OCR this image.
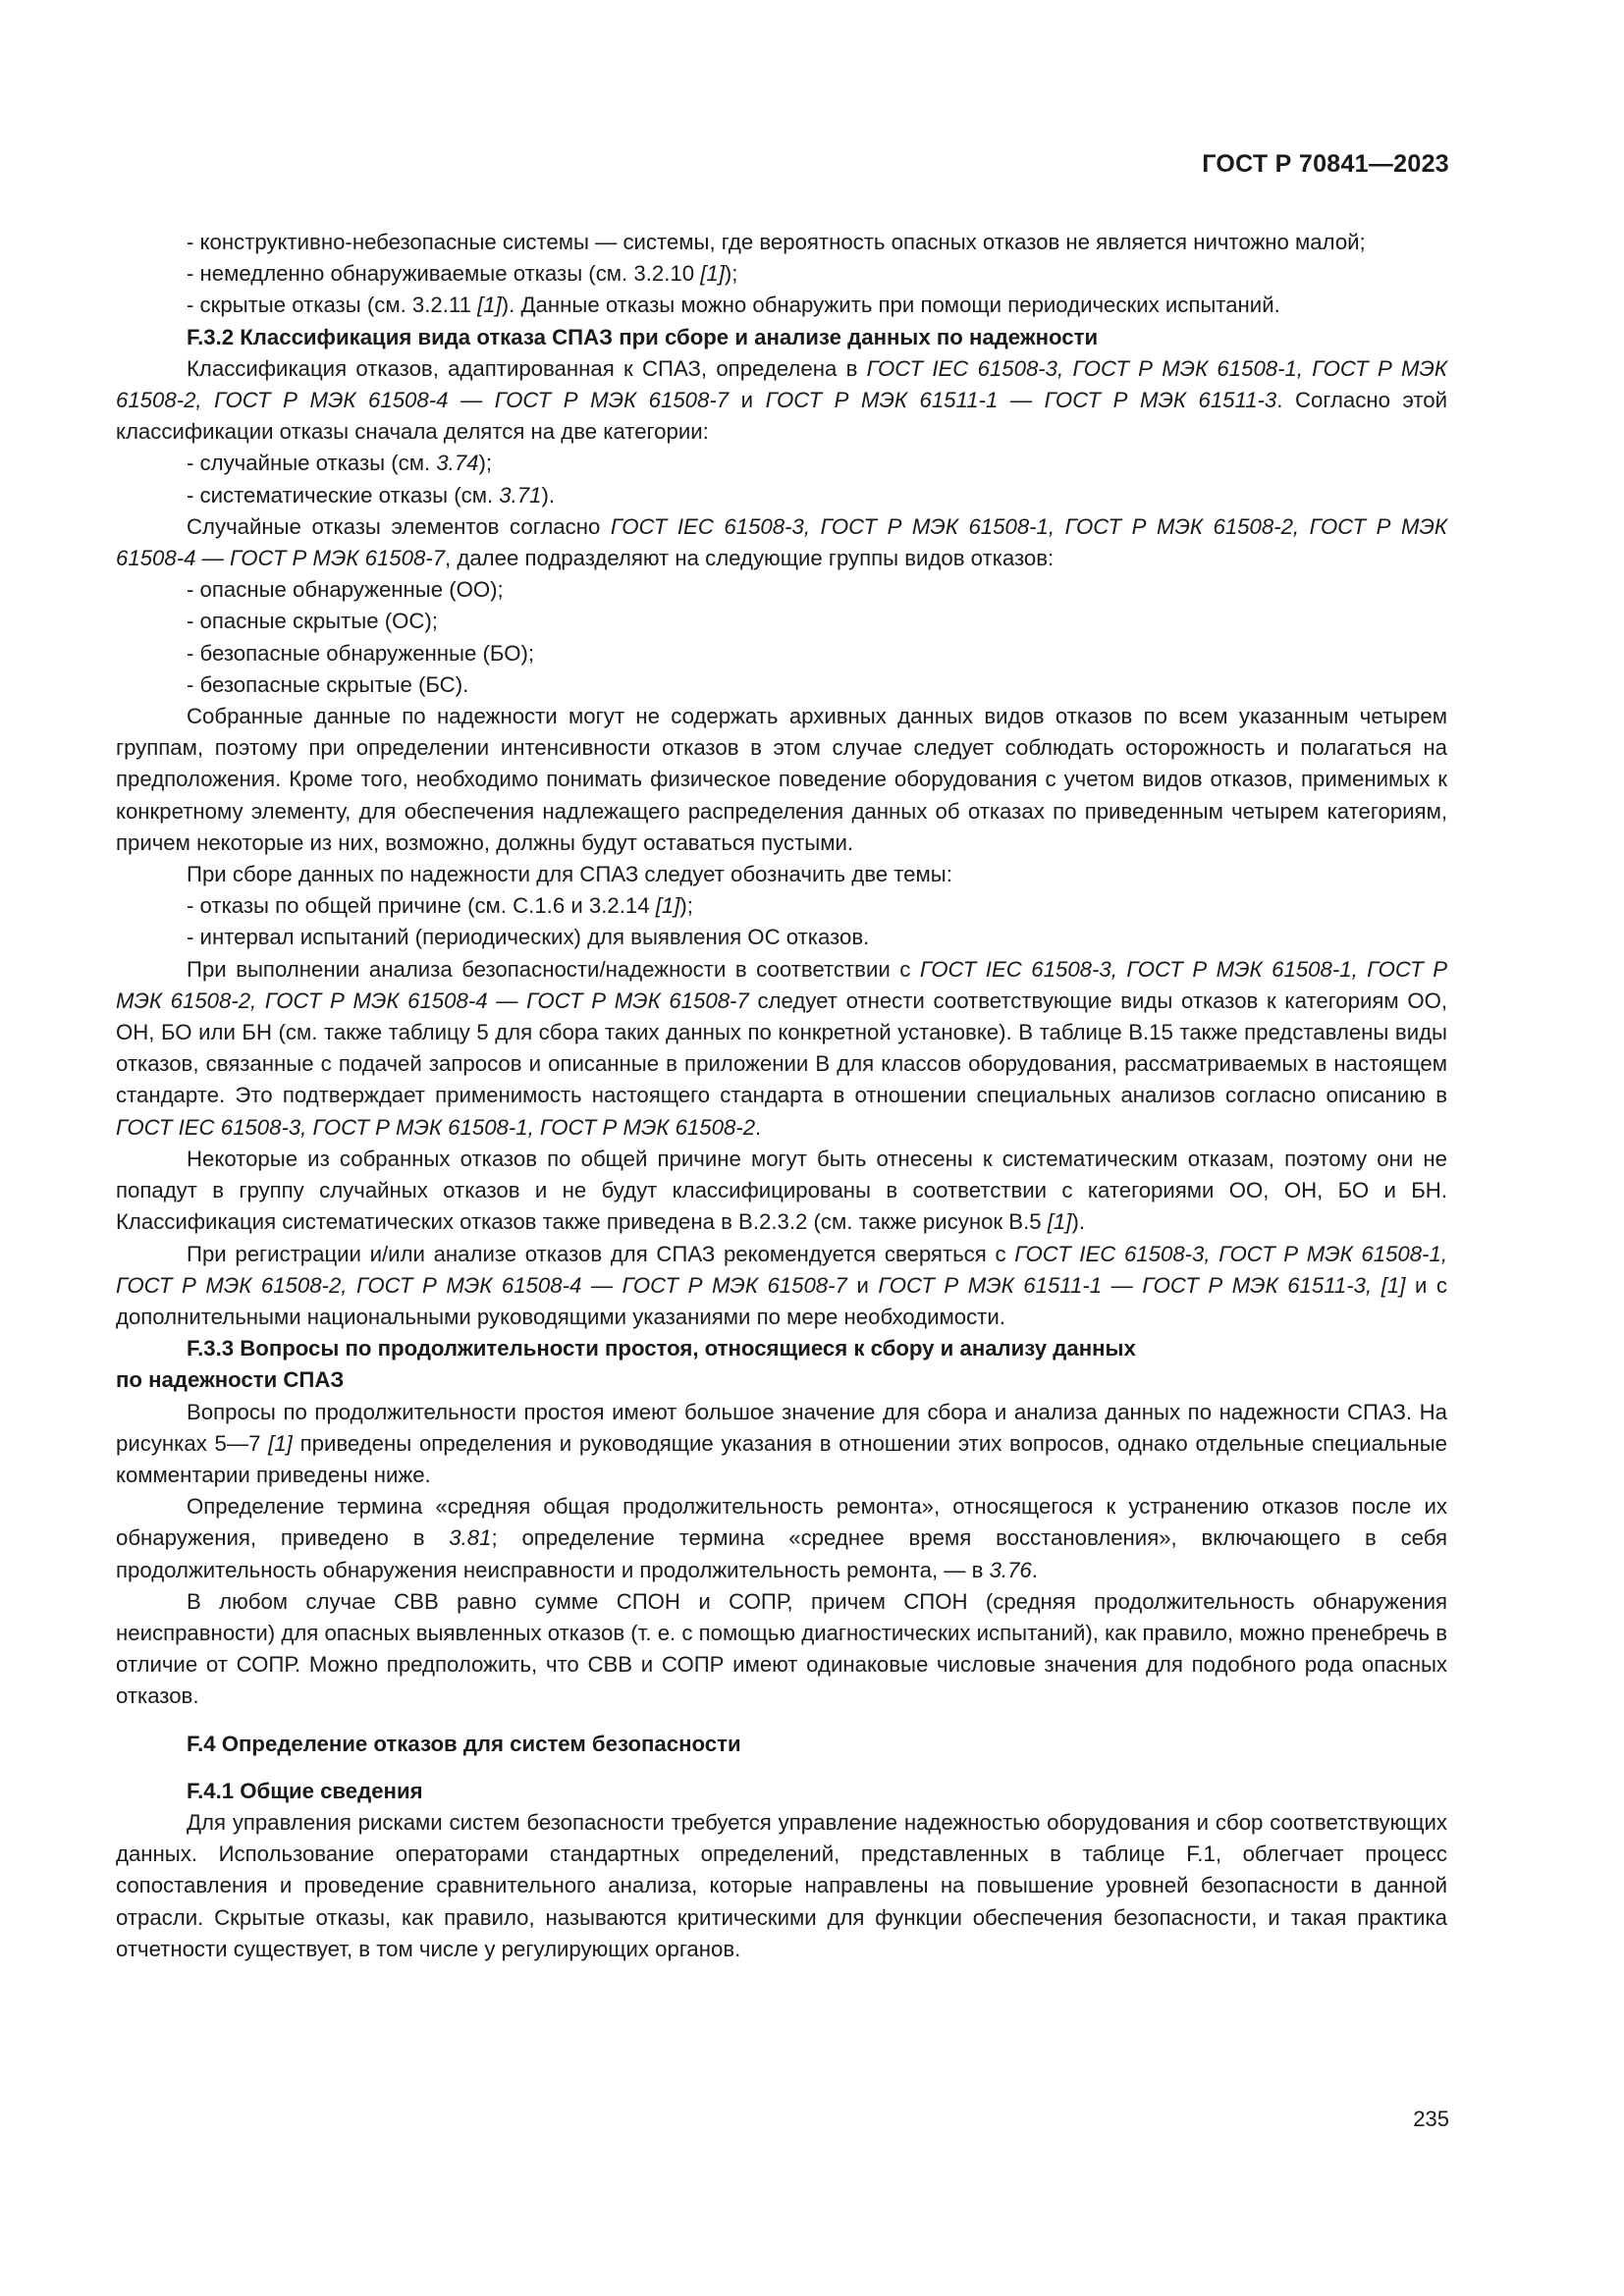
ГОСТ Р 70841—2023

- конструктивно-небезопасные системы — системы, где вероятность опасных отказов не является ничтожно малой;

- немедленно обнаруживаемые отказы (см. 3.2.10 [1]);

- скрытые отказы (см. 3.2.11 [1]). Данные отказы можно обнаружить при помощи периодических испытаний.

F.3.2 Классификация вида отказа СПАЗ при сборе и анализе данных по надежности

Классификация отказов, адаптированная к СПАЗ, определена в ГОСТ IEC 61508-3, ГОСТ Р МЭК 61508-1, ГОСТ Р МЭК 61508-2, ГОСТ Р МЭК 61508-4 — ГОСТ Р МЭК 61508-7 и ГОСТ Р МЭК 61511-1 — ГОСТ Р МЭК 61511-3. Согласно этой классификации отказы сначала делятся на две категории:

- случайные отказы (см. 3.74);

- систематические отказы (см. 3.71).

Случайные отказы элементов согласно ГОСТ IEC 61508-3, ГОСТ Р МЭК 61508-1, ГОСТ Р МЭК 61508-2, ГОСТ Р МЭК 61508-4 — ГОСТ Р МЭК 61508-7, далее подразделяют на следующие группы видов отказов:

- опасные обнаруженные (ОО);

- опасные скрытые (ОС);

- безопасные обнаруженные (БО);

- безопасные скрытые (БС).

Собранные данные по надежности могут не содержать архивных данных видов отказов по всем указанным четырем группам, поэтому при определении интенсивности отказов в этом случае следует соблюдать осторожность и полагаться на предположения. Кроме того, необходимо понимать физическое поведение оборудования с учетом видов отказов, применимых к конкретному элементу, для обеспечения надлежащего распределения данных об отказах по приведенным четырем категориям, причем некоторые из них, возможно, должны будут оставаться пустыми.

При сборе данных по надежности для СПАЗ следует обозначить две темы:

- отказы по общей причине (см. С.1.6 и 3.2.14 [1]);

- интервал испытаний (периодических) для выявления ОС отказов.

При выполнении анализа безопасности/надежности в соответствии с ГОСТ IEC 61508-3, ГОСТ Р МЭК 61508-1, ГОСТ Р МЭК 61508-2, ГОСТ Р МЭК 61508-4 — ГОСТ Р МЭК 61508-7 следует отнести соответствующие виды отказов к категориям ОО, ОН, БО или БН (см. также таблицу 5 для сбора таких данных по конкретной установке). В таблице В.15 также представлены виды отказов, связанные с подачей запросов и описанные в приложении В для классов оборудования, рассматриваемых в настоящем стандарте. Это подтверждает применимость настоящего стандарта в отношении специальных анализов согласно описанию в ГОСТ IEC 61508-3, ГОСТ Р МЭК 61508-1, ГОСТ Р МЭК 61508-2.

Некоторые из собранных отказов по общей причине могут быть отнесены к систематическим отказам, поэтому они не попадут в группу случайных отказов и не будут классифицированы в соответствии с категориями ОО, ОН, БО и БН. Классификация систематических отказов также приведена в В.2.3.2 (см. также рисунок В.5 [1]).

При регистрации и/или анализе отказов для СПАЗ рекомендуется сверяться с ГОСТ IEC 61508-3, ГОСТ Р МЭК 61508-1, ГОСТ Р МЭК 61508-2, ГОСТ Р МЭК 61508-4 — ГОСТ Р МЭК 61508-7 и ГОСТ Р МЭК 61511-1 — ГОСТ Р МЭК 61511-3, [1] и с дополнительными национальными руководящими указаниями по мере необходимости.

F.3.3 Вопросы по продолжительности простоя, относящиеся к сбору и анализу данных

по надежности СПАЗ

Вопросы по продолжительности простоя имеют большое значение для сбора и анализа данных по надежности СПАЗ. На рисунках 5—7 [1] приведены определения и руководящие указания в отношении этих вопросов, однако отдельные специальные комментарии приведены ниже.

Определение термина «средняя общая продолжительность ремонта», относящегося к устранению отказов после их обнаружения, приведено в 3.81; определение термина «среднее время восстановления», включающего в себя продолжительность обнаружения неисправности и продолжительность ремонта, — в 3.76.

В любом случае СВВ равно сумме СПОН и СОПР, причем СПОН (средняя продолжительность обнаружения неисправности) для опасных выявленных отказов (т. е. с помощью диагностических испытаний), как правило, можно пренебречь в отличие от СОПР. Можно предположить, что СВВ и СОПР имеют одинаковые числовые значения для подобного рода опасных отказов.

F.4 Определение отказов для систем безопасности

F.4.1 Общие сведения

Для управления рисками систем безопасности требуется управление надежностью оборудования и сбор соответствующих данных. Использование операторами стандартных определений, представленных в таблице F.1, облегчает процесс сопоставления и проведение сравнительного анализа, которые направлены на повышение уровней безопасности в данной отрасли. Скрытые отказы, как правило, называются критическими для функции обеспечения безопасности, и такая практика отчетности существует, в том числе у регулирующих органов.

235
